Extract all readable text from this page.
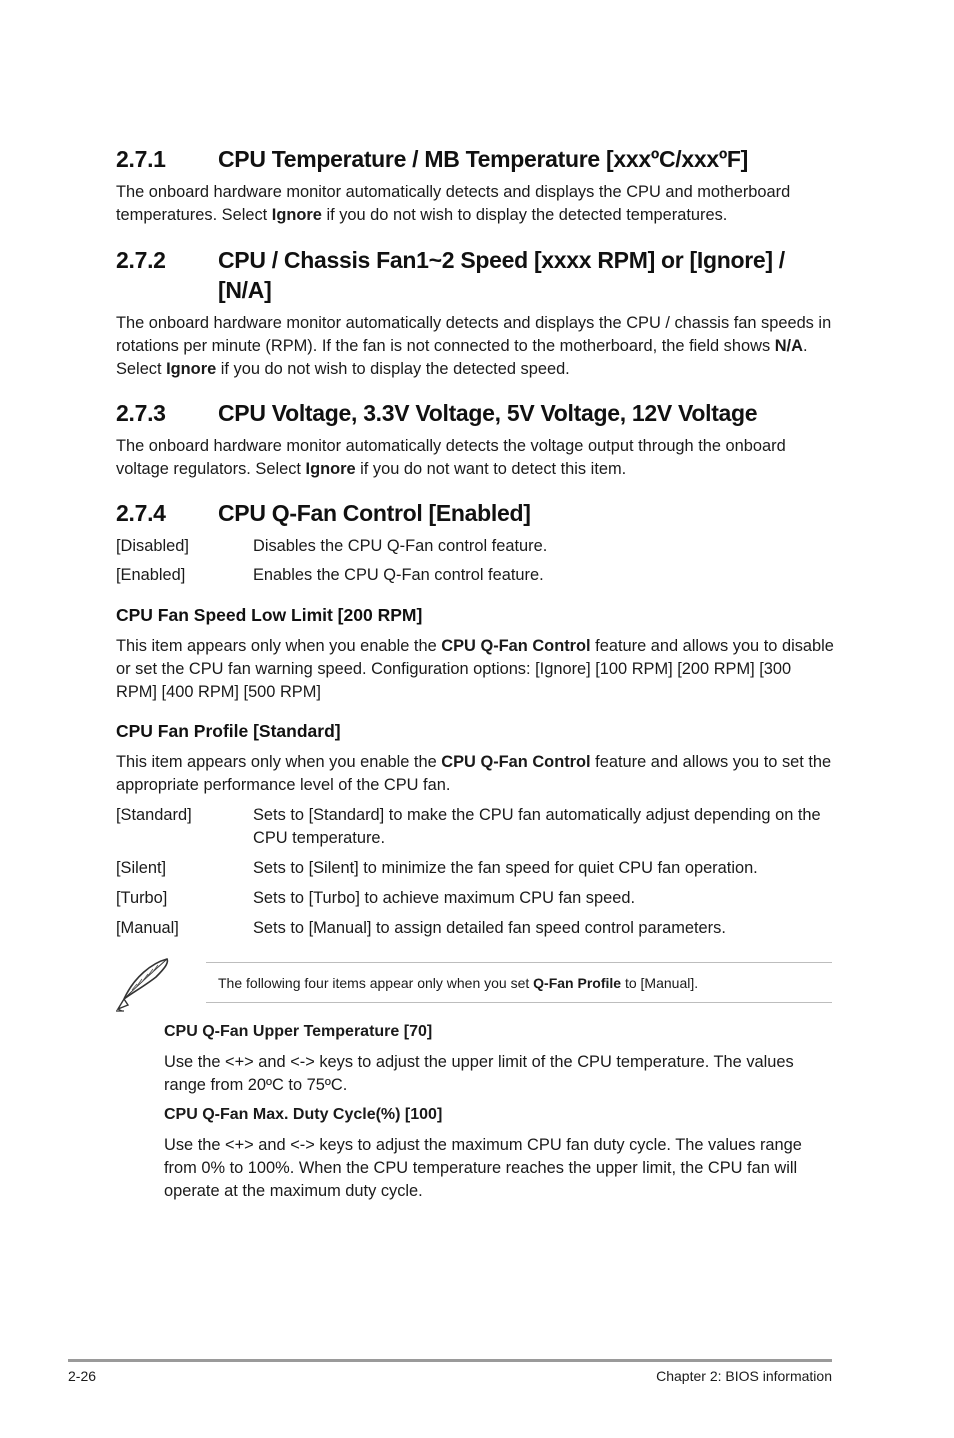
2.7.1 CPU Temperature / MB Temperature [xxxºC/xxxºF]
The onboard hardware monitor automatically detects and displays the CPU and motherboard temperatures. Select Ignore if you do not wish to display the detected temperatures.
2.7.2 CPU / Chassis Fan1~2 Speed [xxxx RPM] or [Ignore] / [N/A]
The onboard hardware monitor automatically detects and displays the CPU / chassis fan speeds in rotations per minute (RPM). If the fan is not connected to the motherboard, the field shows N/A. Select Ignore if you do not wish to display the detected speed.
2.7.3 CPU Voltage, 3.3V Voltage, 5V Voltage, 12V Voltage
The onboard hardware monitor automatically detects the voltage output through the onboard voltage regulators. Select Ignore if you do not want to detect this item.
2.7.4 CPU Q-Fan Control [Enabled]
[Disabled]	Disables the CPU Q-Fan control feature.
[Enabled]	Enables the CPU Q-Fan control feature.
CPU Fan Speed Low Limit [200 RPM]
This item appears only when you enable the CPU Q-Fan Control feature and allows you to disable or set the CPU fan warning speed. Configuration options: [Ignore] [100 RPM] [200 RPM] [300 RPM] [400 RPM] [500 RPM]
CPU Fan Profile [Standard]
This item appears only when you enable the CPU Q-Fan Control feature and allows you to set the appropriate performance level of the CPU fan.
[Standard]	Sets to [Standard] to make the CPU fan automatically adjust depending on the CPU temperature.
[Silent]	Sets to [Silent] to minimize the fan speed for quiet CPU fan operation.
[Turbo]	Sets to [Turbo] to achieve maximum CPU fan speed.
[Manual]	Sets to [Manual] to assign detailed fan speed control parameters.
The following four items appear only when you set Q-Fan Profile to [Manual].
CPU Q-Fan Upper Temperature [70]
Use the <+> and <-> keys to adjust the upper limit of the CPU temperature. The values range from 20ºC to 75ºC.
CPU Q-Fan Max. Duty Cycle(%) [100]
Use the <+> and <-> keys to adjust the maximum CPU fan duty cycle. The values range from 0% to 100%. When the CPU temperature reaches the upper limit, the CPU fan will operate at the maximum duty cycle.
2-26	Chapter 2: BIOS information
